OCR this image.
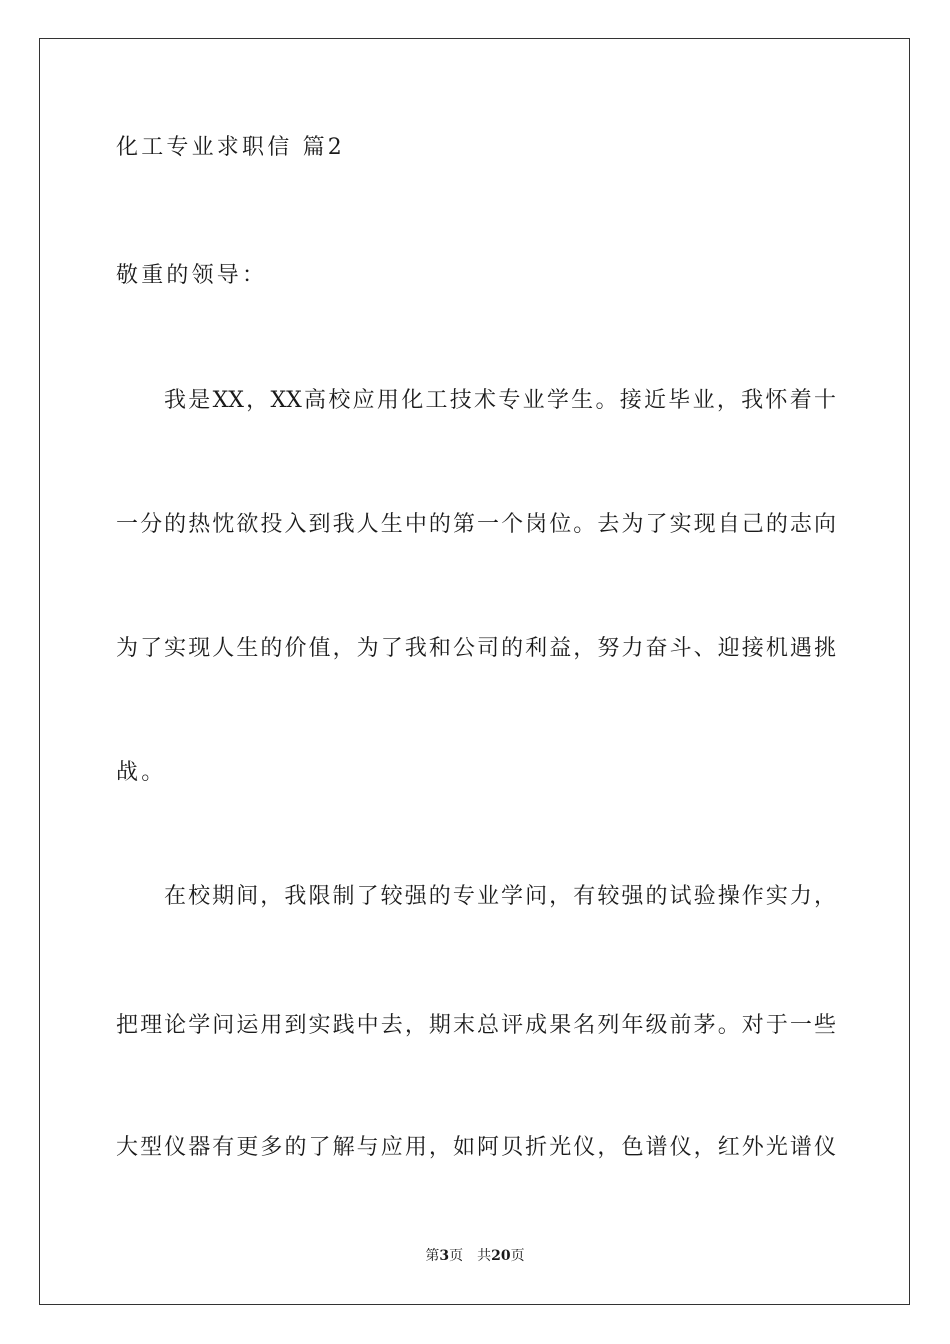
化工专业求职信 篇2
敬重的领导：
我是XX，XX高校应用化工技术专业学生。接近毕业，我怀着十
一分的热忱欲投入到我人生中的第一个岗位。去为了实现自己的志向
为了实现人生的价值，为了我和公司的利益，努力奋斗、迎接机遇挑
战。
在校期间，我限制了较强的专业学问，有较强的试验操作实力，
把理论学问运用到实践中去，期末总评成果名列年级前茅。对于一些
大型仪器有更多的了解与应用，如阿贝折光仪，色谱仪，红外光谱仪
第3页 共20页
